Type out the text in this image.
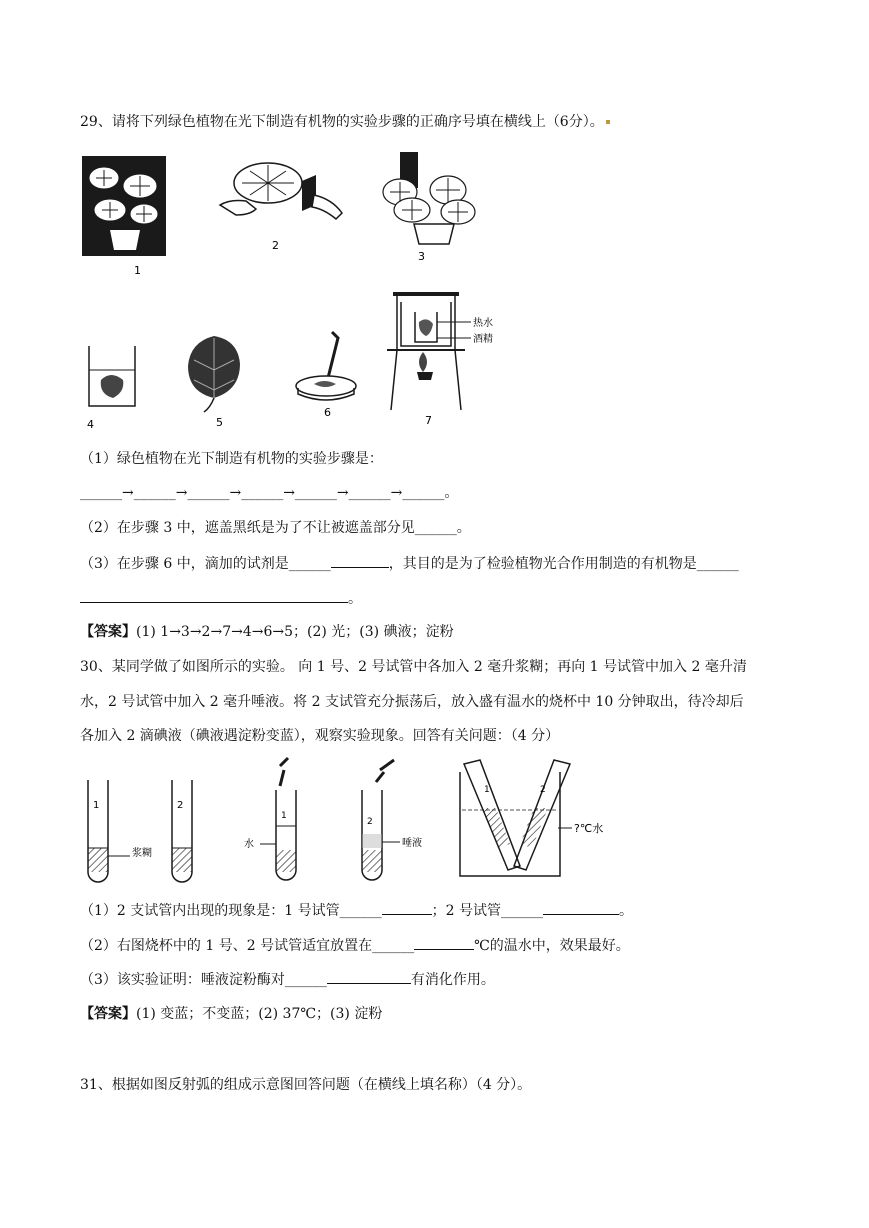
29、请将下列绿色植物在光下制造有机物的实验步骤的正确序号填在横线上（6分）。
1
2
3
4	5
6
热水
酒精
7
（1）绿色植物在光下制造有机物的实验步骤是：
______→______→______→______→______→______→______。
（2）在步骤 3 中，遮盖黑纸是为了不让被遮盖部分见______。
（3）在步骤 6 中，滴加的试剂是______	，其目的是为了检验植物光合作用制造的有机物是______
。
【答案】(1) 1→3→2→7→4→6→5；(2) 光；(3) 碘液；淀粉
30、某同学做了如图所示的实验。 向 1 号、2 号试管中各加入 2 毫升浆糊；再向 1 号试管中加入 2 毫升清
水，2 号试管中加入 2 毫升唾液。将 2 支试管充分振荡后，放入盛有温水的烧杯中 10 分钟取出，待冷却后
各加入 2 滴碘液（碘液遇淀粉变蓝），观察实验现象。回答有关问题：（4 分）
1	2
浆糊
1
水
2
唾液
1	2
?℃水
（1）2 支试管内出现的现象是：1 号试管______	；2 号试管______	。
（2）右图烧杯中的 1 号、2 号试管适宜放置在______	℃的温水中，效果最好。
（3）该实验证明：唾液淀粉酶对______	有消化作用。
【答案】(1) 变蓝；不变蓝；(2) 37℃；(3) 淀粉
31、根据如图反射弧的组成示意图回答问题（在横线上填名称）（4 分）。
